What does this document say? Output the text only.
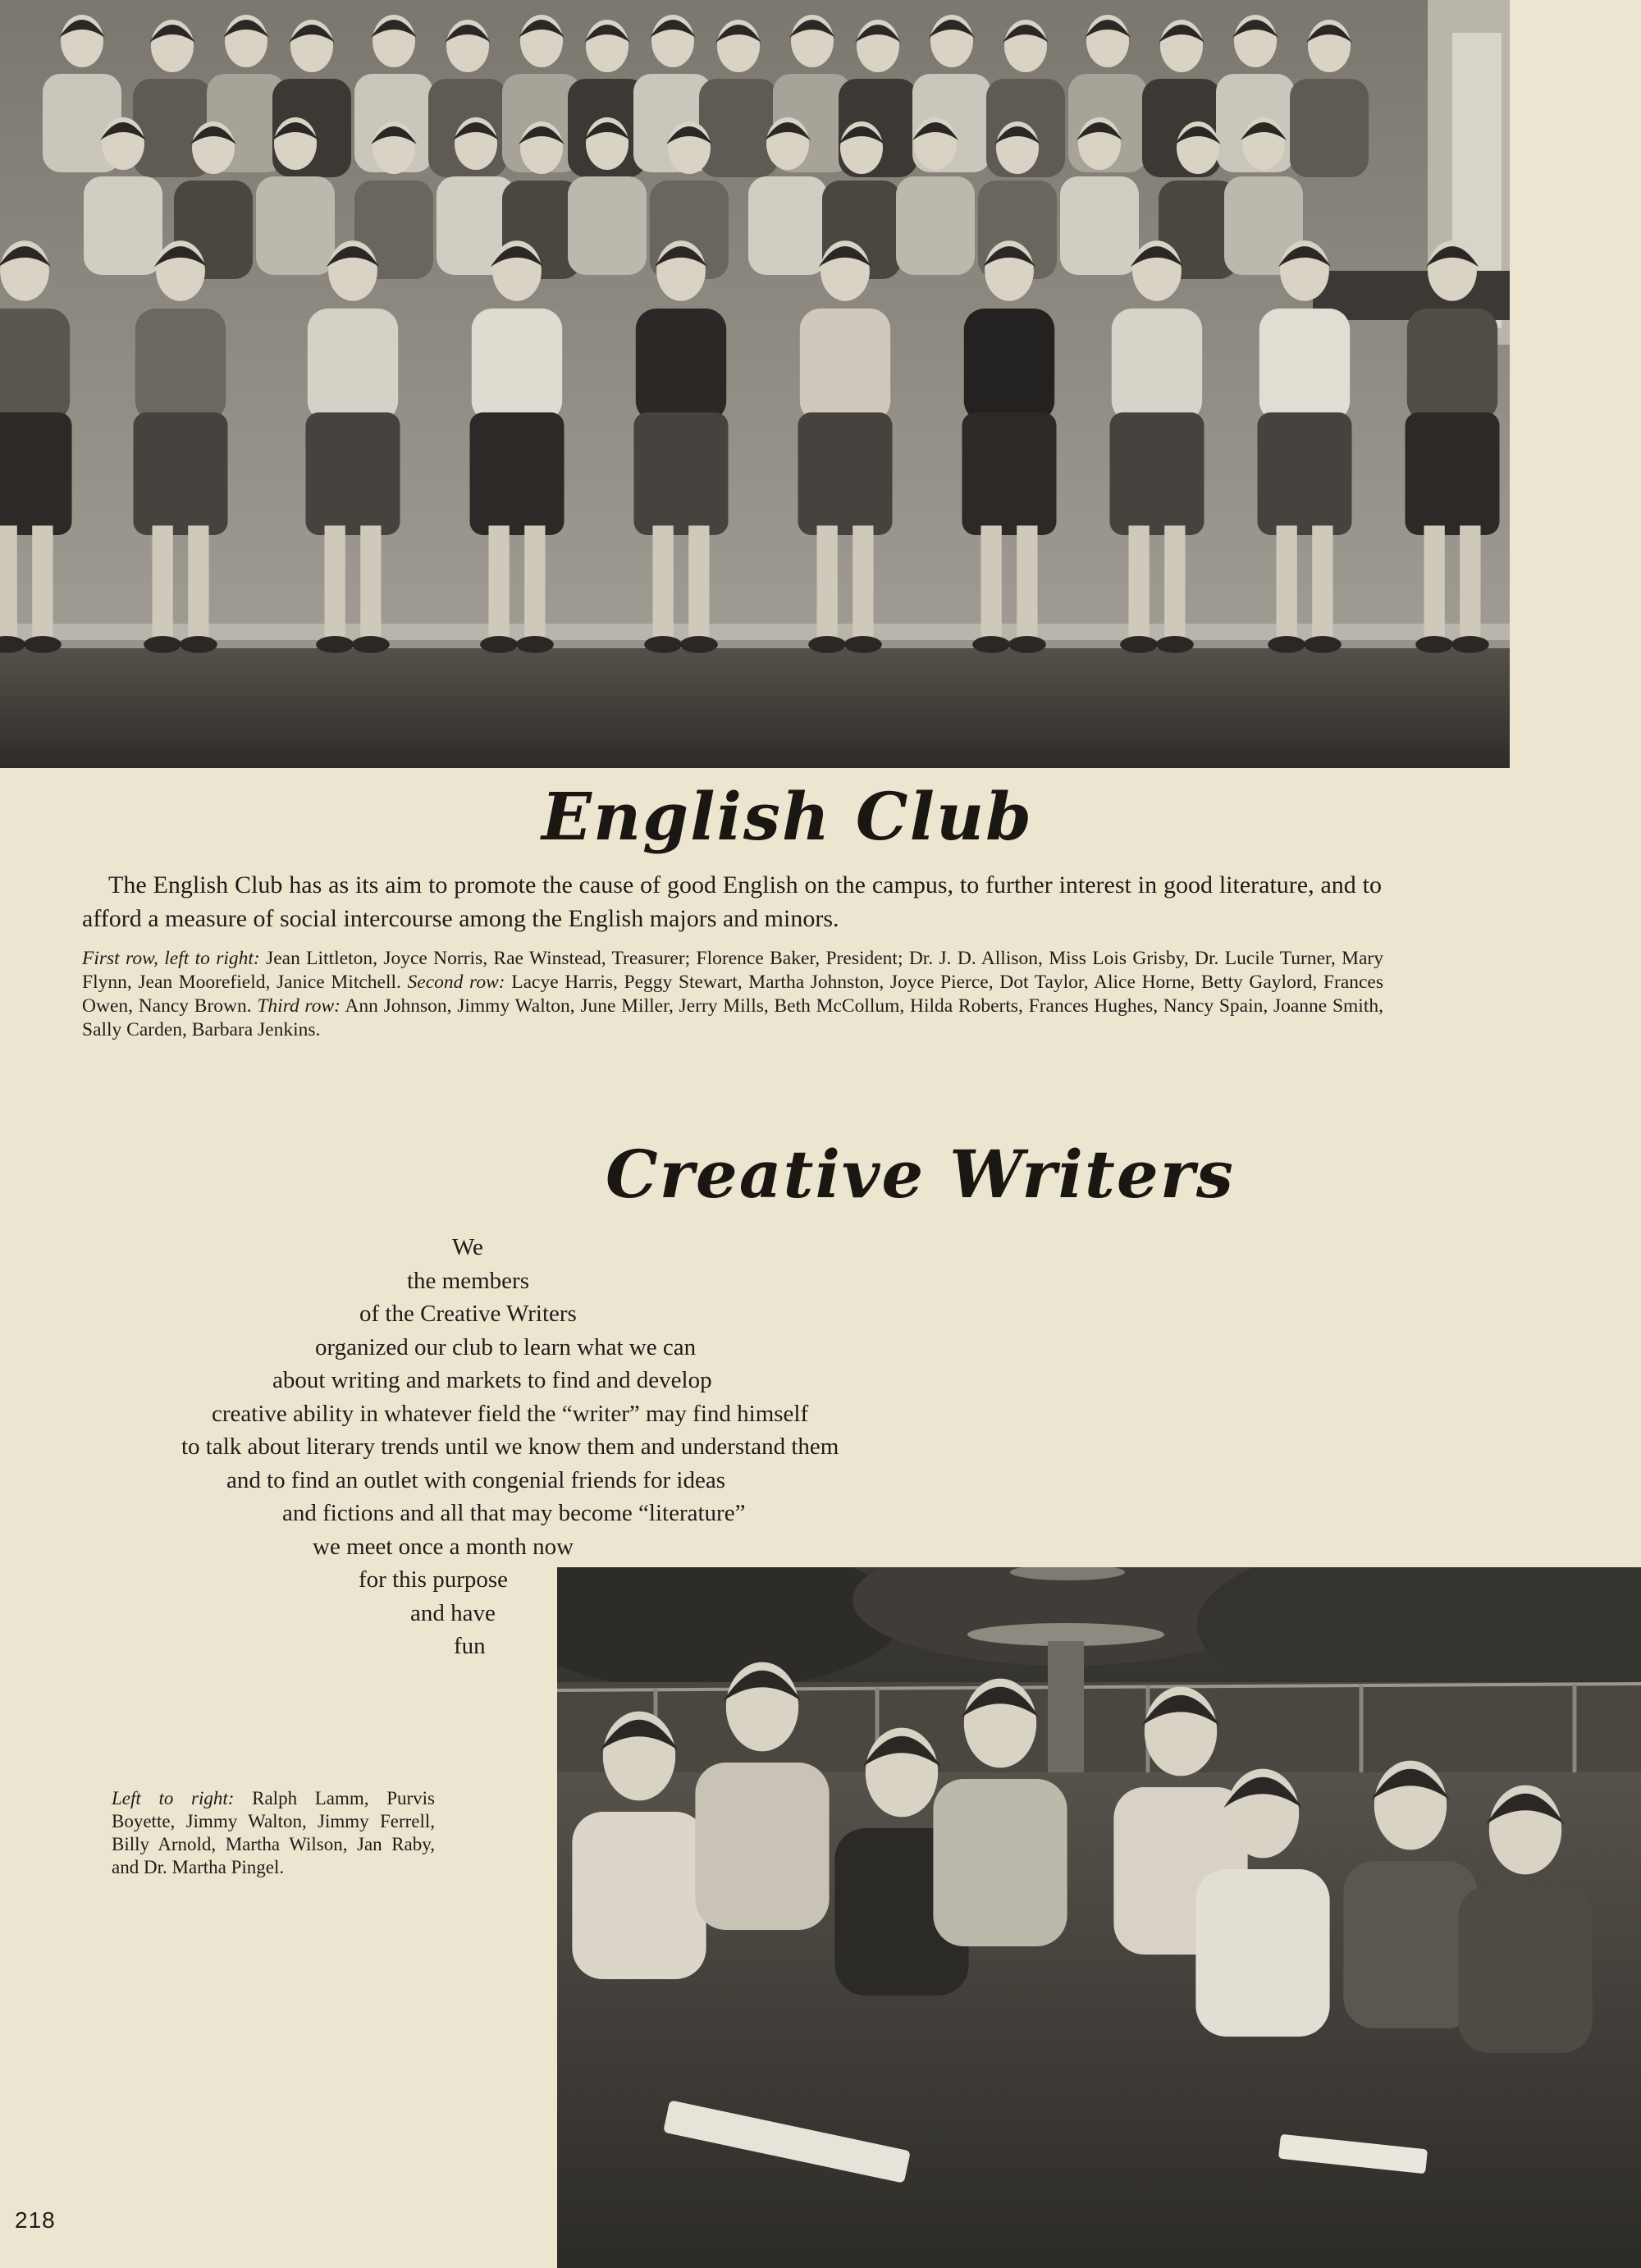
English Club

The English Club has as its aim to promote the cause of good English on the campus, to further interest in good literature, and to afford a measure of social intercourse among the English majors and minors.

First row, left to right: Jean Littleton, Joyce Norris, Rae Winstead, Treasurer; Florence Baker, President; Dr. J. D. Allison, Miss Lois Grisby, Dr. Lucile Turner, Mary Flynn, Jean Moorefield, Janice Mitchell. Second row: Lacye Harris, Peggy Stewart, Martha Johnston, Joyce Pierce, Dot Taylor, Alice Horne, Betty Gaylord, Frances Owen, Nancy Brown. Third row: Ann Johnson, Jimmy Walton, June Miller, Jerry Mills, Beth McCollum, Hilda Roberts, Frances Hughes, Nancy Spain, Joanne Smith, Sally Carden, Barbara Jenkins.

Creative Writers

We

the members

of the Creative Writers

organized our club to learn what we can

about writing and markets to find and develop

creative ability in whatever field the “writer” may find himself

to talk about literary trends until we know them and understand them

and to find an outlet with congenial friends for ideas

and fictions and all that may become “literature”

we meet once a month now

for this purpose

and have

fun

Left to right: Ralph Lamm, Purvis Boyette, Jimmy Walton, Jimmy Ferrell, Billy Arnold, Martha Wilson, Jan Raby, and Dr. Martha Pingel.

218
